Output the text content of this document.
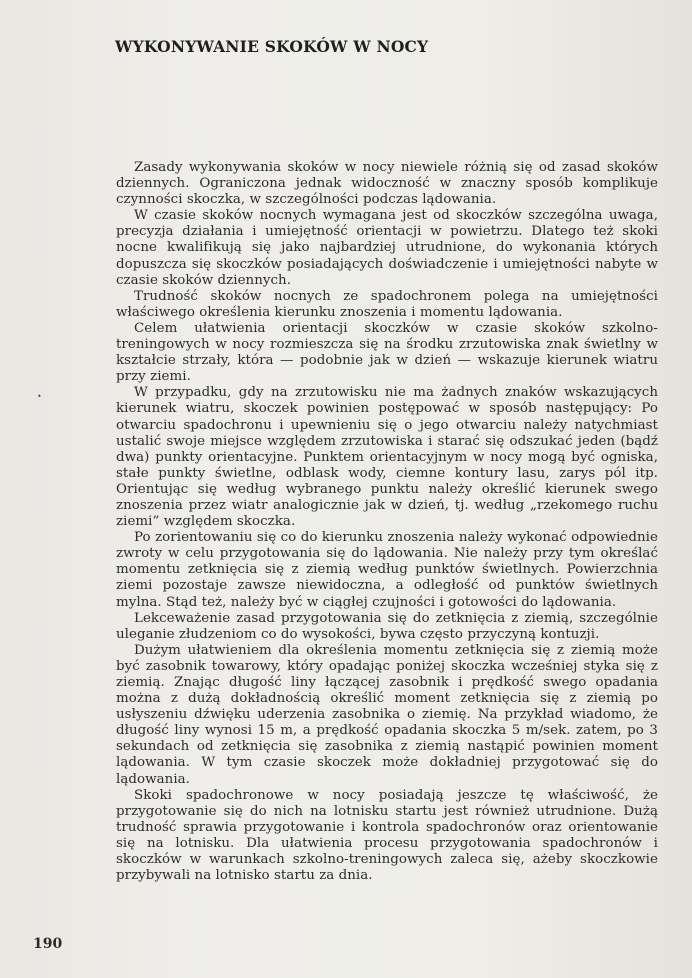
WYKONYWANIE SKOKÓW W NOCY

Zasady wykonywania skoków w nocy niewiele różnią się od zasad skoków dziennych. Ograniczona jednak widoczność w znaczny sposób komplikuje czynności skoczka, w szczególności podczas lądowania.

W czasie skoków nocnych wymagana jest od skoczków szczególna uwaga, precyzja działania i umiejętność orientacji w powietrzu. Dlatego też skoki nocne kwalifikują się jako najbardziej utrudnione, do wykonania których dopuszcza się skoczków posiadających doświadczenie i umiejętności nabyte w czasie skoków dziennych.

Trudność skoków nocnych ze spadochronem polega na umiejętności właściwego określenia kierunku znoszenia i momentu lądowania.

Celem ułatwienia orientacji skoczków w czasie skoków szkolno-treningowych w nocy rozmieszcza się na środku zrzutowiska znak świetlny w kształcie strzały, która — podobnie jak w dzień — wskazuje kierunek wiatru przy ziemi.

W przypadku, gdy na zrzutowisku nie ma żadnych znaków wskazujących kierunek wiatru, skoczek powinien postępować w sposób następujący: Po otwarciu spadochronu i upewnieniu się o jego otwarciu należy natychmiast ustalić swoje miejsce względem zrzutowiska i starać się odszukać jeden (bądź dwa) punkty orientacyjne. Punktem orientacyjnym w nocy mogą być ogniska, stałe punkty świetlne, odblask wody, ciemne kontury lasu, zarys pól itp. Orientując się według wybranego punktu należy określić kierunek swego znoszenia przez wiatr analogicznie jak w dzień, tj. według „rzekomego ruchu ziemi” względem skoczka.

Po zorientowaniu się co do kierunku znoszenia należy wykonać odpowiednie zwroty w celu przygotowania się do lądowania. Nie należy przy tym określać momentu zetknięcia się z ziemią według punktów świetlnych. Powierzchnia ziemi pozostaje zawsze niewidoczna, a odległość od punktów świetlnych mylna. Stąd też, należy być w ciągłej czujności i gotowości do lądowania.

Lekceważenie zasad przygotowania się do zetknięcia z ziemią, szczególnie uleganie złudzeniom co do wysokości, bywa często przyczyną kontuzji.

Dużym ułatwieniem dla określenia momentu zetknięcia się z ziemią może być zasobnik towarowy, który opadając poniżej skoczka wcześniej styka się z ziemią. Znając długość liny łączącej zasobnik i prędkość swego opadania można z dużą dokładnością określić moment zetknięcia się z ziemią po usłyszeniu dźwięku uderzenia zasobnika o ziemię. Na przykład wiadomo, że długość liny wynosi 15 m, a prędkość opadania skoczka 5 m/sek. zatem, po 3 sekundach od zetknięcia się zasobnika z ziemią nastąpić powinien moment lądowania. W tym czasie skoczek może dokładniej przygotować się do lądowania.

Skoki spadochronowe w nocy posiadają jeszcze tę właściwość, że przygotowanie się do nich na lotnisku startu jest również utrudnione. Dużą trudność sprawia przygotowanie i kontrola spadochronów oraz orientowanie się na lotnisku. Dla ułatwienia procesu przygotowania spadochronów i skoczków w warunkach szkolno-treningowych zaleca się, ażeby skoczkowie przybywali na lotnisko startu za dnia.

•
190
